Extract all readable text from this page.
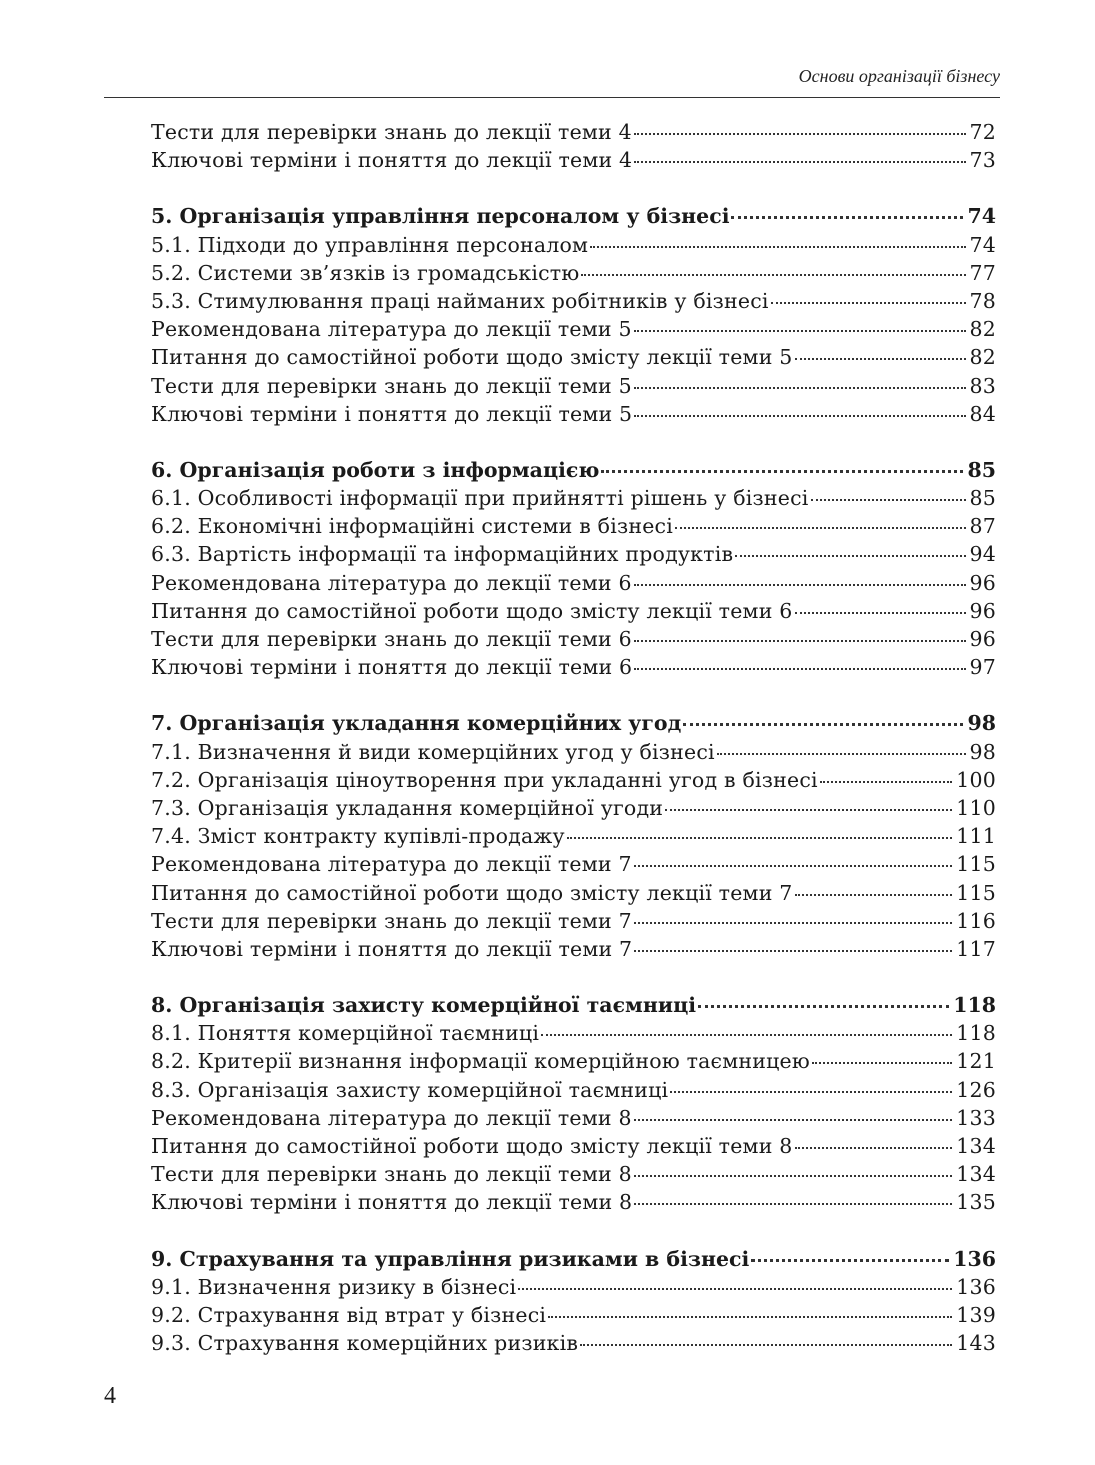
Основи організації бізнесу
Тести для перевірки знань до лекції теми 4	72
Ключові терміни і поняття до лекції теми 4	73
5. Організація управління персоналом у бізнесі	74
5.1. Підходи до управління персоналом	74
5.2. Системи зв’язків із громадськістю	77
5.3. Стимулювання праці найманих робітників у бізнесі	78
Рекомендована література до лекції теми 5	82
Питання до самостійної роботи щодо змісту лекції теми 5	82
Тести для перевірки знань до лекції теми 5	83
Ключові терміни і поняття до лекції теми 5	84
6. Організація роботи з інформацією	85
6.1. Особливості інформації при прийнятті рішень у бізнесі	85
6.2. Економічні інформаційні системи в бізнесі	87
6.3. Вартість інформації та інформаційних продуктів	94
Рекомендована література до лекції теми 6	96
Питання до самостійної роботи щодо змісту лекції теми 6	96
Тести для перевірки знань до лекції теми 6	96
Ключові терміни і поняття до лекції теми 6	97
7. Організація укладання комерційних угод	98
7.1. Визначення й види комерційних угод у бізнесі	98
7.2. Організація ціноутворення при укладанні угод в бізнесі	100
7.3. Організація укладання комерційної угоди	110
7.4. Зміст контракту купівлі-продажу	111
Рекомендована література до лекції теми 7	115
Питання до самостійної роботи щодо змісту лекції теми 7	115
Тести для перевірки знань до лекції теми 7	116
Ключові терміни і поняття до лекції теми 7	117
8. Організація захисту комерційної таємниці	118
8.1. Поняття комерційної таємниці	118
8.2. Критерії визнання інформації комерційною таємницею	121
8.3. Організація захисту комерційної таємниці	126
Рекомендована література до лекції теми 8	133
Питання до самостійної роботи щодо змісту лекції теми 8	134
Тести для перевірки знань до лекції теми 8	134
Ключові терміни і поняття до лекції теми 8	135
9. Страхування та управління ризиками в бізнесі	136
9.1. Визначення ризику в бізнесі	136
9.2. Страхування від втрат у бізнесі	139
9.3. Страхування комерційних ризиків	143
4
